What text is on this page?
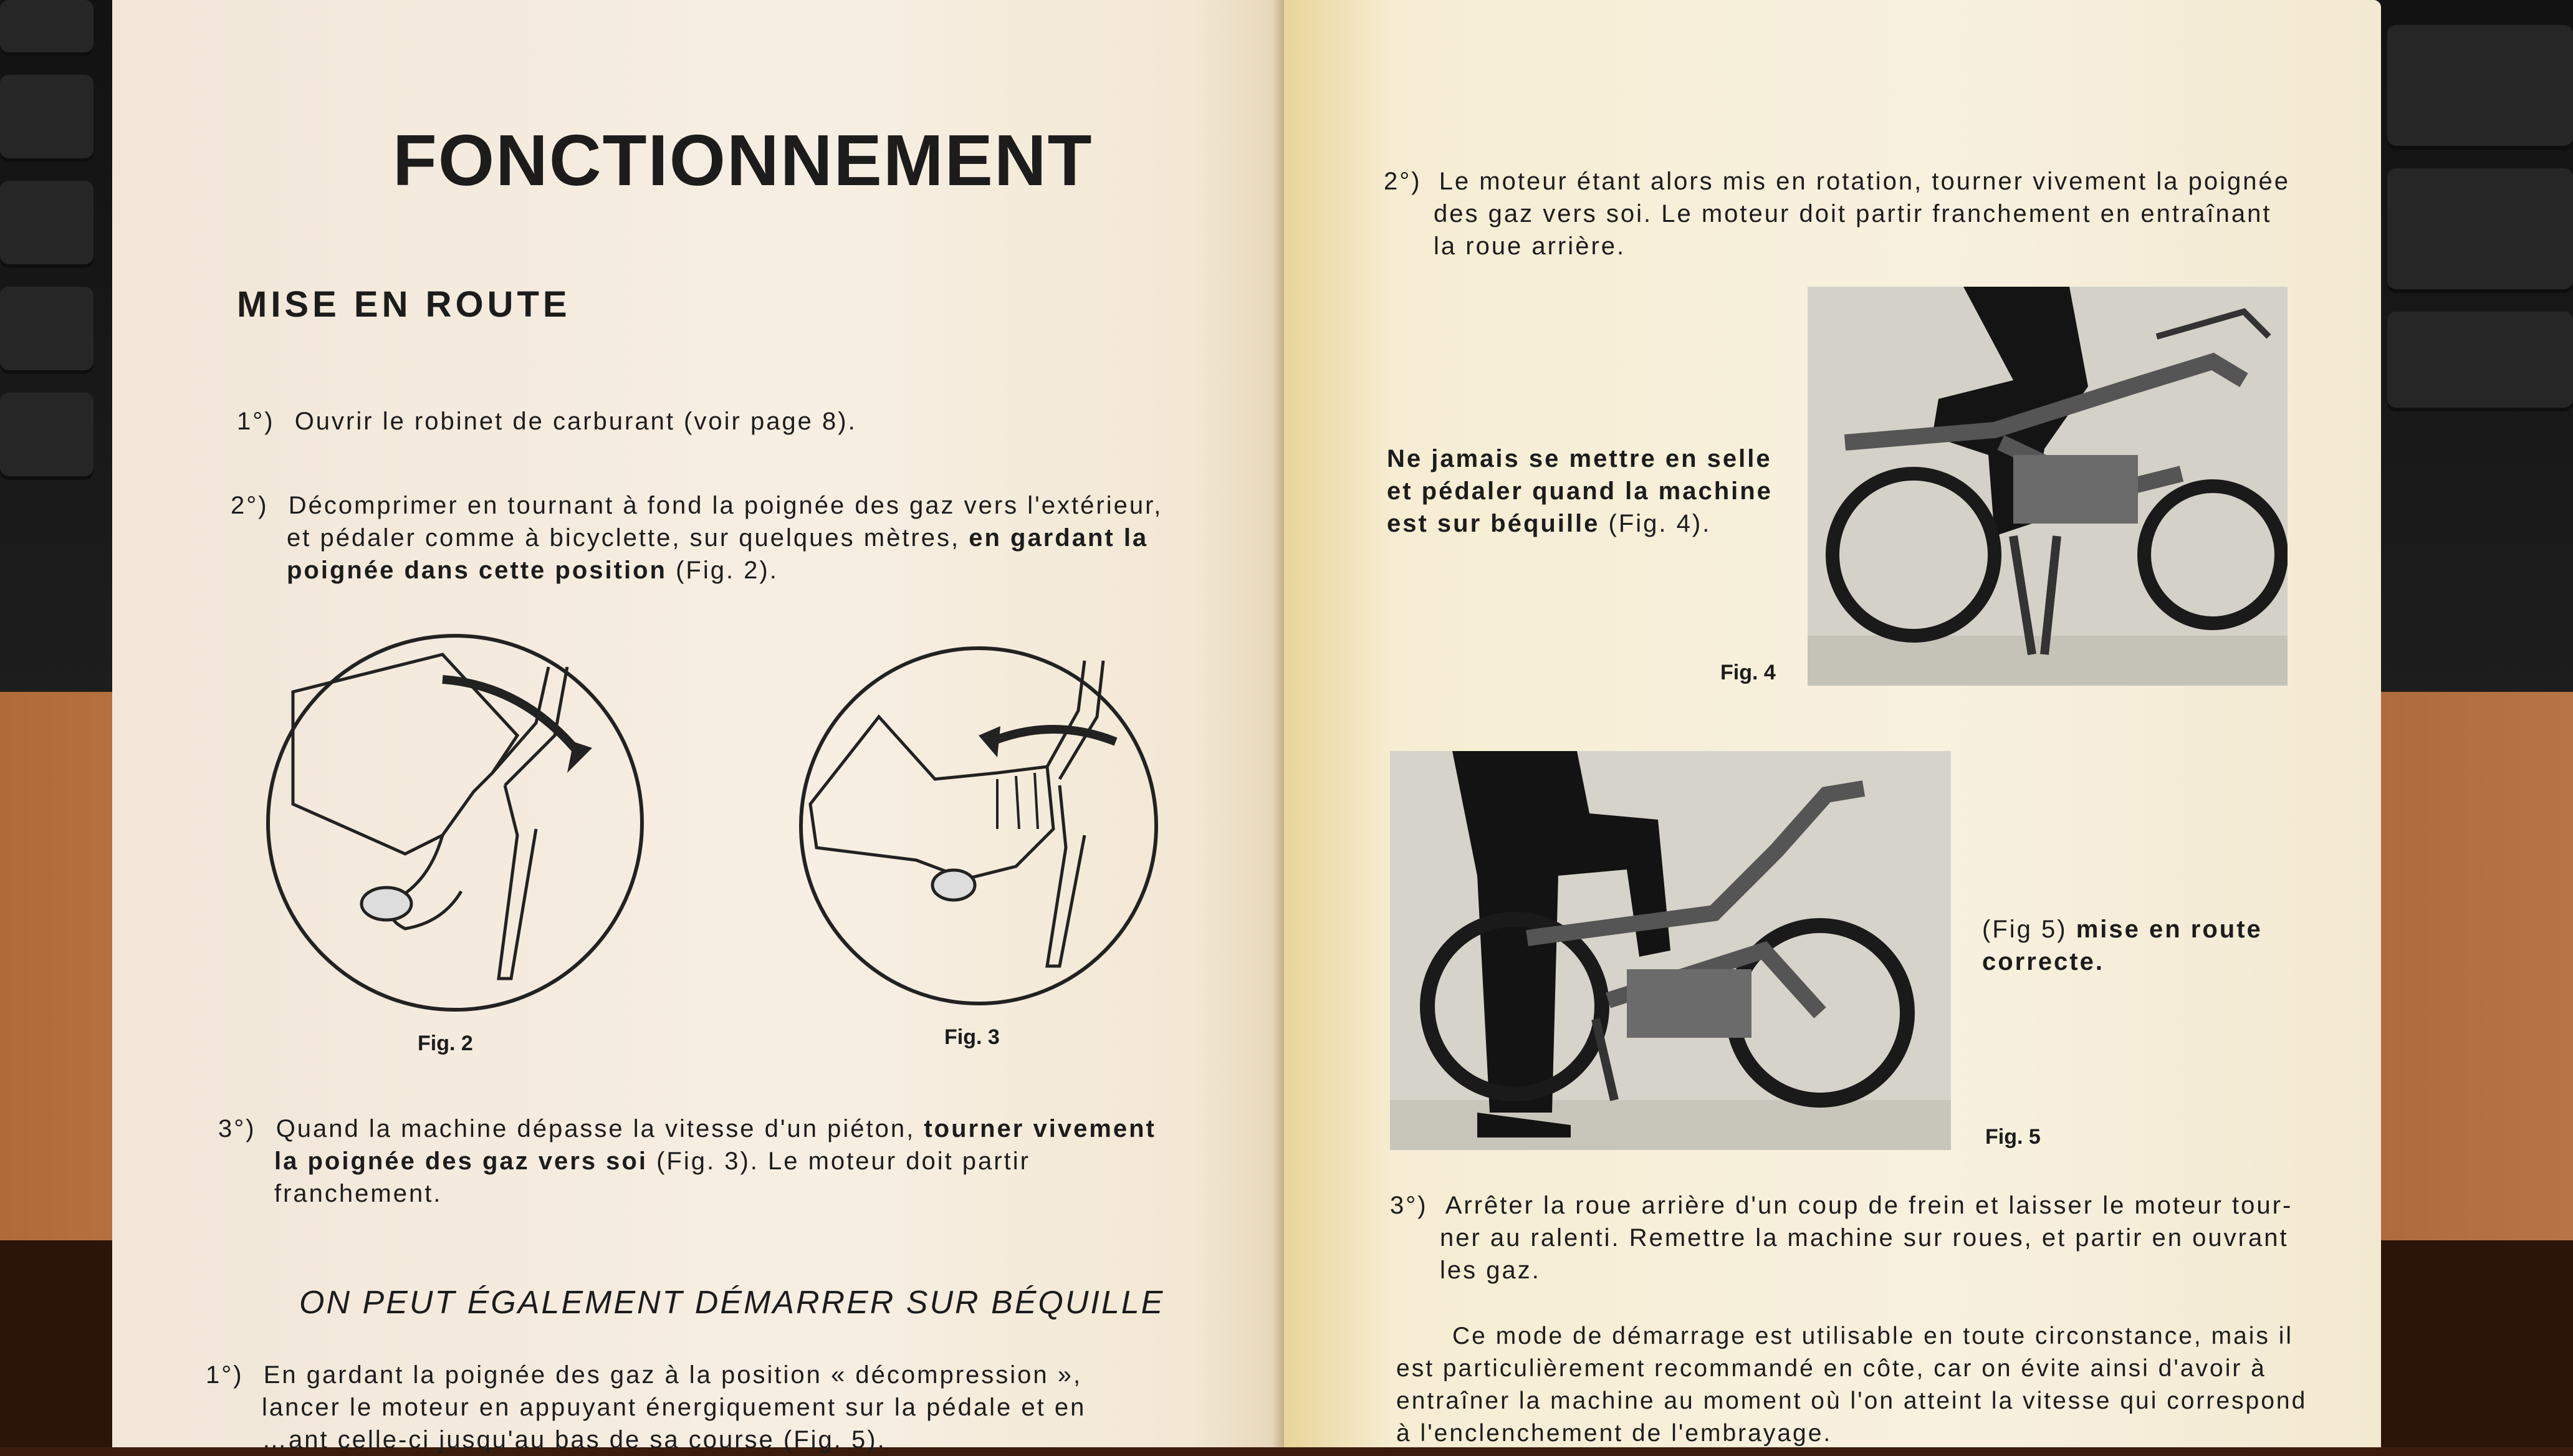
FONCTIONNEMENT
MISE EN ROUTE
1°) Ouvrir le robinet de carburant (voir page 8).
2°) Décomprimer en tournant à fond la poignée des gaz vers l'extérieur,
et pédaler comme à bicyclette, sur quelques mètres, en gardant la
poignée dans cette position (Fig. 2).
Fig. 2	Fig. 3
3°) Quand la machine dépasse la vitesse d'un piéton, tourner vivement
la poignée des gaz vers soi (Fig. 3). Le moteur doit partir
franchement.
ON PEUT ÉGALEMENT DÉMARRER SUR BÉQUILLE
1°) En gardant la poignée des gaz à la position « décompression »,
lancer le moteur en appuyant énergiquement sur la pédale et en
…ant celle-ci jusqu'au bas de sa course (Fig. 5).
2°) Le moteur étant alors mis en rotation, tourner vivement la poignée
des gaz vers soi. Le moteur doit partir franchement en entraînant
la roue arrière.
Ne jamais se mettre en selle
et pédaler quand la machine
est sur béquille (Fig. 4).
Fig. 4
(Fig 5) mise en route
correcte.
Fig. 5
3°) Arrêter la roue arrière d'un coup de frein et laisser le moteur tour-
ner au ralenti. Remettre la machine sur roues, et partir en ouvrant
les gaz.
Ce mode de démarrage est utilisable en toute circonstance, mais il
est particulièrement recommandé en côte, car on évite ainsi d'avoir à
entraîner la machine au moment où l'on atteint la vitesse qui correspond
à l'enclenchement de l'embrayage.
